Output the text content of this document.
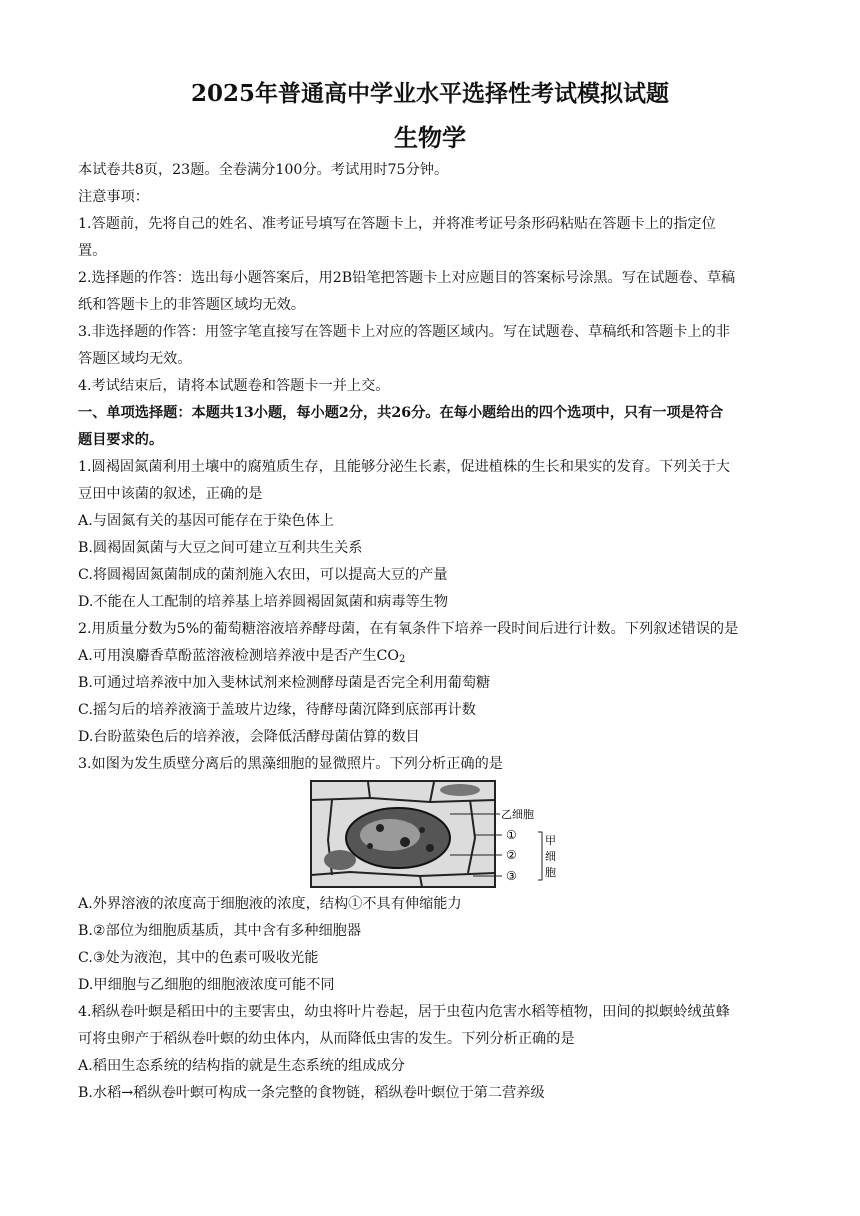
2025年普通高中学业水平选择性考试模拟试题
生物学
本试卷共8页，23题。全卷满分100分。考试用时75分钟。
注意事项：
1.答题前，先将自己的姓名、准考证号填写在答题卡上，并将准考证号条形码粘贴在答题卡上的指定位
置。
2.选择题的作答：选出每小题答案后，用2B铅笔把答题卡上对应题目的答案标号涂黑。写在试题卷、草稿
纸和答题卡上的非答题区域均无效。
3.非选择题的作答：用签字笔直接写在答题卡上对应的答题区域内。写在试题卷、草稿纸和答题卡上的非
答题区域均无效。
4.考试结束后，请将本试题卷和答题卡一并上交。
一、单项选择题：本题共13小题，每小题2分，共26分。在每小题给出的四个选项中，只有一项是符合
题目要求的。
1.圆褐固氮菌利用土壤中的腐殖质生存，且能够分泌生长素，促进植株的生长和果实的发育。下列关于大
豆田中该菌的叙述，正确的是
A.与固氮有关的基因可能存在于染色体上
B.圆褐固氮菌与大豆之间可建立互利共生关系
C.将圆褐固氮菌制成的菌剂施入农田，可以提高大豆的产量
D.不能在人工配制的培养基上培养圆褐固氮菌和病毒等生物
2.用质量分数为5%的葡萄糖溶液培养酵母菌，在有氧条件下培养一段时间后进行计数。下列叙述错误的是
A.可用溴麝香草酚蓝溶液检测培养液中是否产生$CO_2$
B.可通过培养液中加入斐林试剂来检测酵母菌是否完全利用葡萄糖
C.摇匀后的培养液滴于盖玻片边缘，待酵母菌沉降到底部再计数
D.台盼蓝染色后的培养液，会降低活酵母菌估算的数目
3.如图为发生质壁分离后的黑藻细胞的显微照片。下列分析正确的是
乙细胞
①
②
③
甲
细
胞
A.外界溶液的浓度高于细胞液的浓度，结构①不具有伸缩能力
B.②部位为细胞质基质，其中含有多种细胞器
C.③处为液泡，其中的色素可吸收光能
D.甲细胞与乙细胞的细胞液浓度可能不同
4.稻纵卷叶螟是稻田中的主要害虫，幼虫将叶片卷起，居于虫苞内危害水稻等植物，田间的拟螟蛉绒茧蜂
可将虫卵产于稻纵卷叶螟的幼虫体内，从而降低虫害的发生。下列分析正确的是
A.稻田生态系统的结构指的就是生态系统的组成成分
B.水稻→稻纵卷叶螟可构成一条完整的食物链，稻纵卷叶螟位于第二营养级
